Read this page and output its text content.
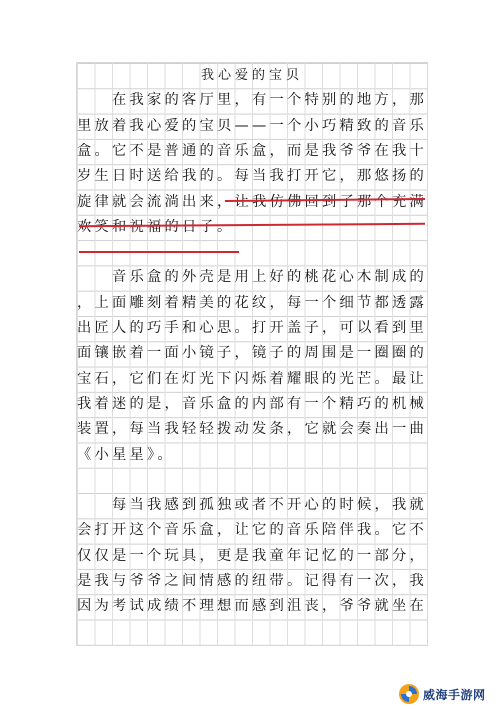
我心爱的宝贝
　　在我家的客厅里，有一个特别的地方，那
里放着我心爱的宝贝——一个小巧精致的音乐
盒。它不是普通的音乐盒，而是我爷爷在我十
岁生日时送给我的。每当我打开它，那悠扬的
旋律就会流淌出来，让我仿佛回到了那个充满
欢笑和祝福的日子。
　　音乐盒的外壳是用上好的桃花心木制成的
，上面雕刻着精美的花纹，每一个细节都透露
出匠人的巧手和心思。打开盖子，可以看到里
面镶嵌着一面小镜子，镜子的周围是一圈圈的
宝石，它们在灯光下闪烁着耀眼的光芒。最让
我着迷的是，音乐盒的内部有一个精巧的机械
装置，每当我轻轻拨动发条，它就会奏出一曲
《小星星》。
　　每当我感到孤独或者不开心的时候，我就
会打开这个音乐盒，让它的音乐陪伴我。它不
仅仅是一个玩具，更是我童年记忆的一部分，
是我与爷爷之间情感的纽带。记得有一次，我
因为考试成绩不理想而感到沮丧，爷爷就坐在
威海手游网
